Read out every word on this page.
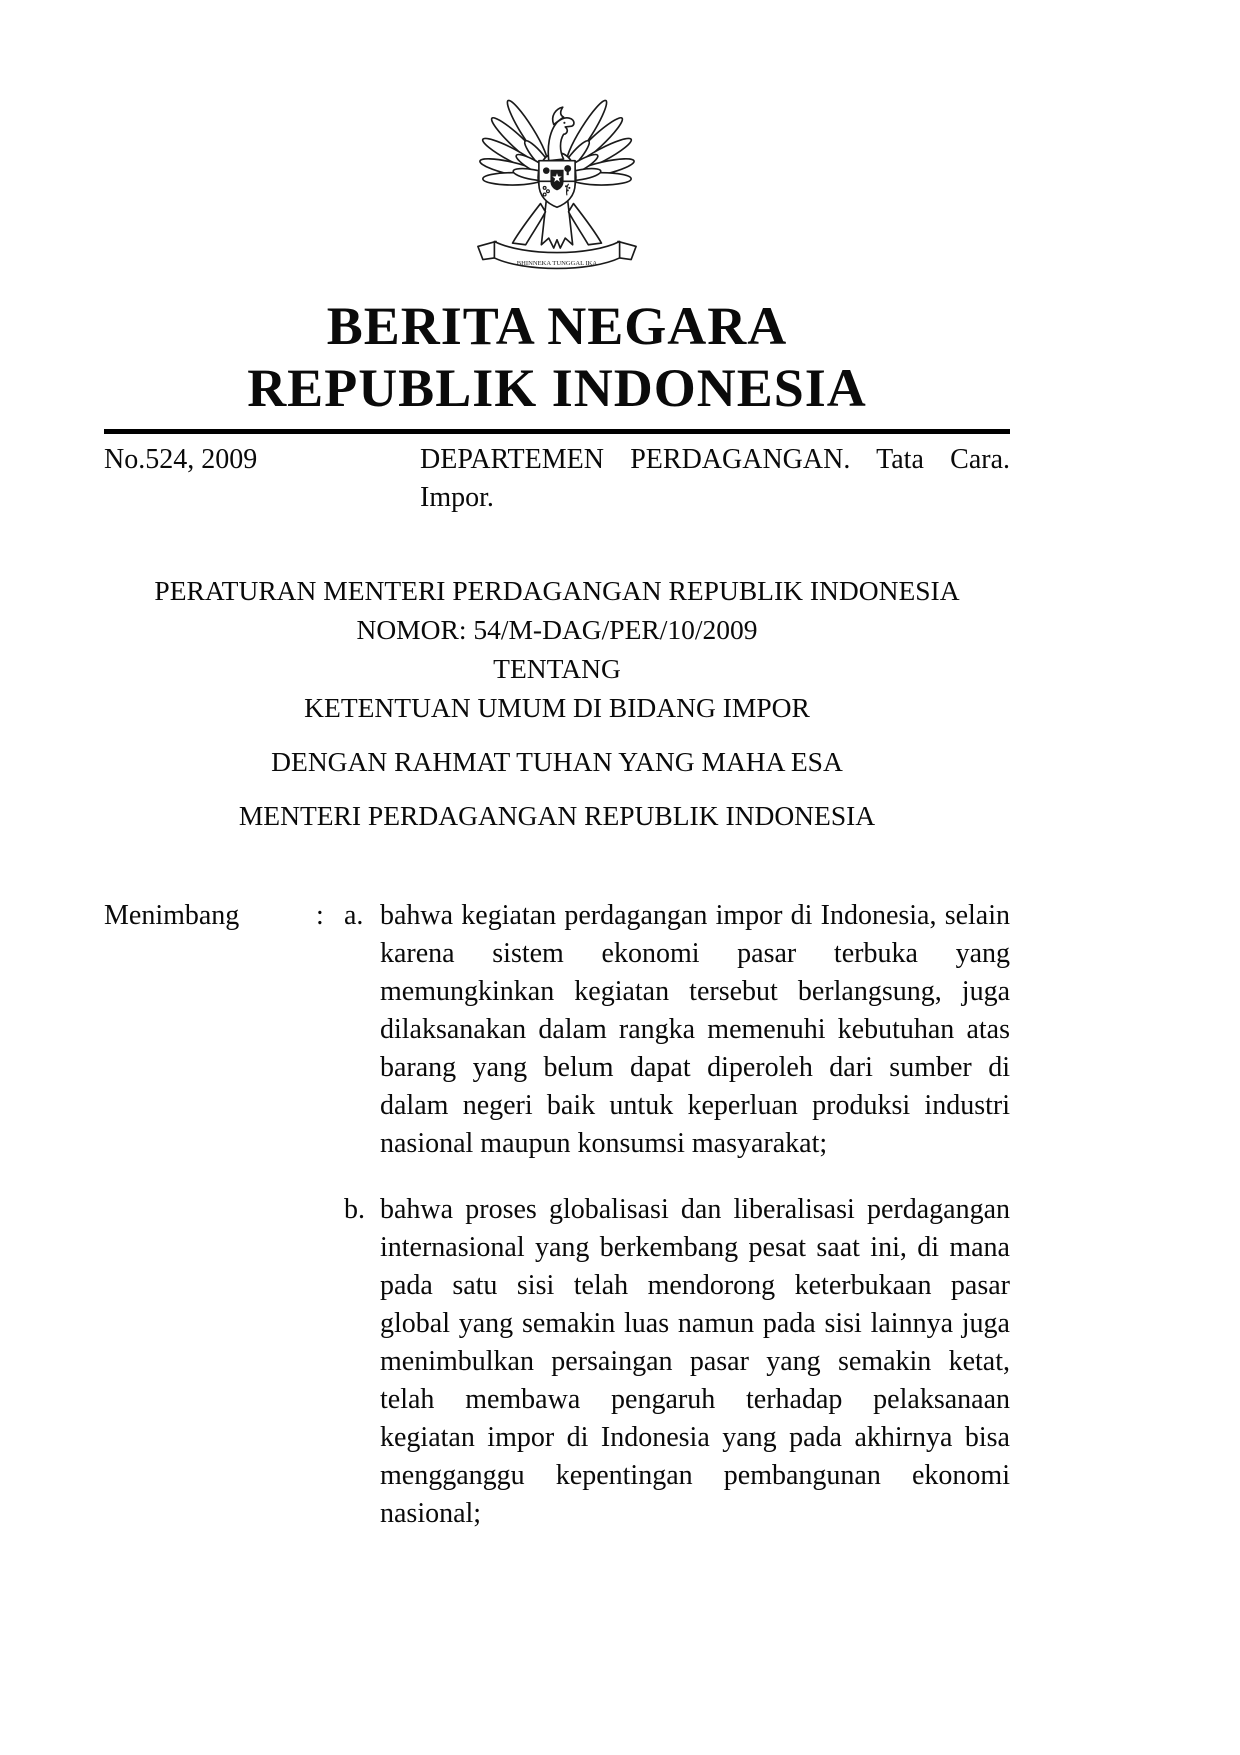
BHINNEKA TUNGGAL IKA
BERITA NEGARA
REPUBLIK INDONESIA
No.524, 2009	DEPARTEMEN PERDAGANGAN. Tata Cara. Impor.

PERATURAN MENTERI PERDAGANGAN REPUBLIK INDONESIA

NOMOR: 54/M-DAG/PER/10/2009

TENTANG

KETENTUAN UMUM DI BIDANG IMPOR

DENGAN RAHMAT TUHAN YANG MAHA ESA

MENTERI PERDAGANGAN REPUBLIK INDONESIA

Menimbang	: a. bahwa kegiatan perdagangan impor di Indonesia, selain karena sistem ekonomi pasar terbuka yang memungkinkan kegiatan tersebut berlangsung, juga dilaksanakan dalam rangka memenuhi kebutuhan atas barang yang belum dapat diperoleh dari sumber di dalam negeri baik untuk keperluan produksi industri nasional maupun konsumsi masyarakat;
b. bahwa proses globalisasi dan liberalisasi perdagangan internasional yang berkembang pesat saat ini, di mana pada satu sisi telah mendorong keterbukaan pasar global yang semakin luas namun pada sisi lainnya juga menimbulkan persaingan pasar yang semakin ketat, telah membawa pengaruh terhadap pelaksanaan kegiatan impor di Indonesia yang pada akhirnya bisa mengganggu kepentingan pembangunan ekonomi nasional;
